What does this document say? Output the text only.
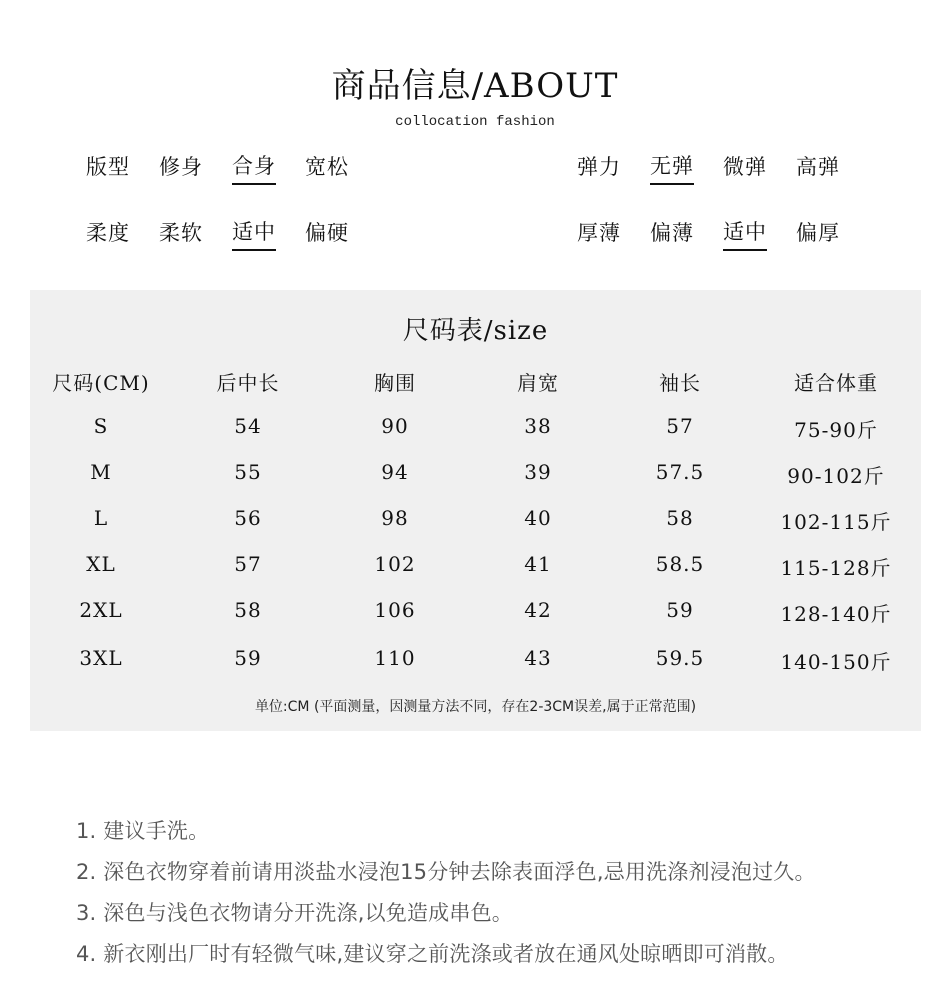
商品信息/ABOUT
collocation fashion
版型 修身 合身 宽松	弹力 无弹 微弹 高弹
柔度 柔软 适中 偏硬	厚薄 偏薄 适中 偏厚
尺码表/size
尺码(CM)	后中长	胸围	肩宽	袖长	适合体重
S	54	90	38	57	75-90斤
M	55	94	39	57.5	90-102斤
L	56	98	40	58	102-115斤
XL	57	102	41	58.5	115-128斤
2XL	58	106	42	59	128-140斤
3XL	59	110	43	59.5	140-150斤
单位:CM (平面测量，因测量方法不同，存在2-3CM误差,属于正常范围)
1. 建议手洗。
2. 深色衣物穿着前请用淡盐水浸泡15分钟去除表面浮色,忌用洗涤剂浸泡过久。
3. 深色与浅色衣物请分开洗涤,以免造成串色。
4. 新衣刚出厂时有轻微气味,建议穿之前洗涤或者放在通风处晾晒即可消散。
